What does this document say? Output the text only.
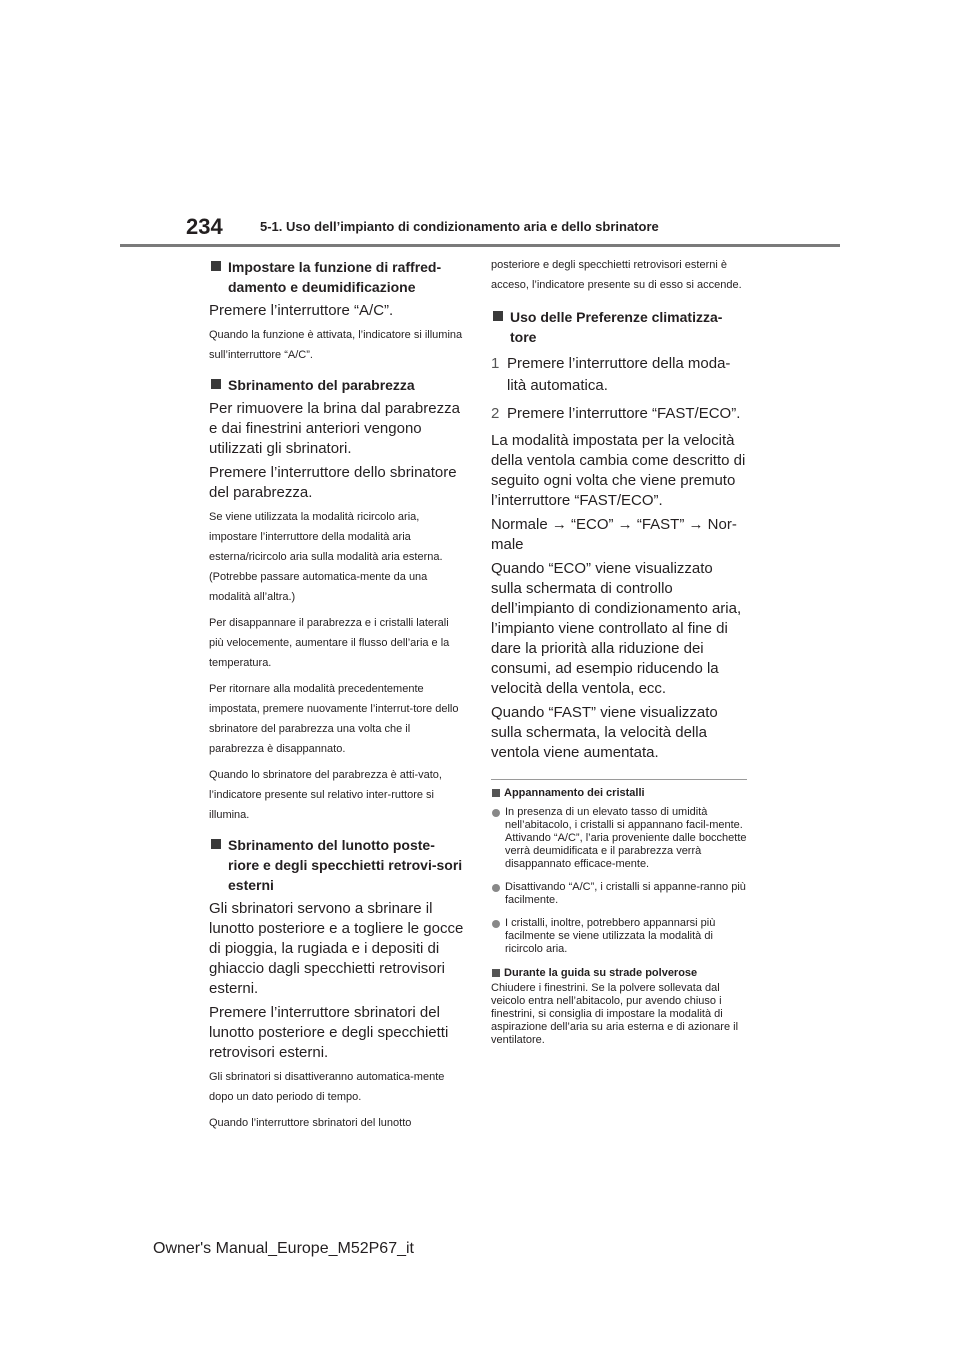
234	5-1. Uso dell’impianto di condizionamento aria e dello sbrinatore

Impostare la funzione di raffred-damento e deumidificazione

Premere l’interruttore “A/C”.

Quando la funzione è attivata, l’indicatore si illumina sull’interruttore “A/C”.

Sbrinamento del parabrezza

Per rimuovere la brina dal parabrezza e dai finestrini anteriori vengono utilizzati gli sbrinatori.

Premere l’interruttore dello sbrinatore del parabrezza.

Se viene utilizzata la modalità ricircolo aria, impostare l’interruttore della modalità aria esterna/ricircolo aria sulla modalità aria esterna. (Potrebbe passare automatica-mente da una modalità all’altra.)

Per disappannare il parabrezza e i cristalli laterali più velocemente, aumentare il flusso dell’aria e la temperatura.

Per ritornare alla modalità precedentemente impostata, premere nuovamente l’interrut-tore dello sbrinatore del parabrezza una volta che il parabrezza è disappannato.

Quando lo sbrinatore del parabrezza è atti-vato, l’indicatore presente sul relativo inter-ruttore si illumina.

Sbrinamento del lunotto poste-riore e degli specchietti retrovi-sori esterni

Gli sbrinatori servono a sbrinare il lunotto posteriore e a togliere le gocce di pioggia, la rugiada e i depositi di ghiaccio dagli specchietti retrovisori esterni.

Premere l’interruttore sbrinatori del lunotto posteriore e degli specchietti retrovisori esterni.

Gli sbrinatori si disattiveranno automatica-mente dopo un dato periodo di tempo.

Quando l’interruttore sbrinatori del lunotto

posteriore e degli specchietti retrovisori esterni è acceso, l’indicatore presente su di esso si accende.

Uso delle Preferenze climatizza-tore

1 Premere l’interruttore della moda-lità automatica.
2 Premere l’interruttore “FAST/ECO”.

La modalità impostata per la velocità della ventola cambia come descritto di seguito ogni volta che viene premuto l’interruttore “FAST/ECO”.

Normale → “ECO” → “FAST” → Nor-male

Quando “ECO” viene visualizzato sulla schermata di controllo dell’impianto di condizionamento aria, l’impianto viene controllato al fine di dare la priorità alla riduzione dei consumi, ad esempio riducendo la velocità della ventola, ecc.

Quando “FAST” viene visualizzato sulla schermata, la velocità della ventola viene aumentata.

Appannamento dei cristalli

In presenza di un elevato tasso di umidità nell’abitacolo, i cristalli si appannano facil-mente. Attivando “A/C”, l’aria proveniente dalle bocchette verrà deumidificata e il parabrezza verrà disappannato efficace-mente.

Disattivando “A/C”, i cristalli si appanne-ranno più facilmente.

I cristalli, inoltre, potrebbero appannarsi più facilmente se viene utilizzata la modalità di ricircolo aria.

Durante la guida su strade polverose

Chiudere i finestrini. Se la polvere sollevata dal veicolo entra nell’abitacolo, pur avendo chiuso i finestrini, si consiglia di impostare la modalità di aspirazione dell’aria su aria esterna e di azionare il ventilatore.

Owner's Manual_Europe_M52P67_it
